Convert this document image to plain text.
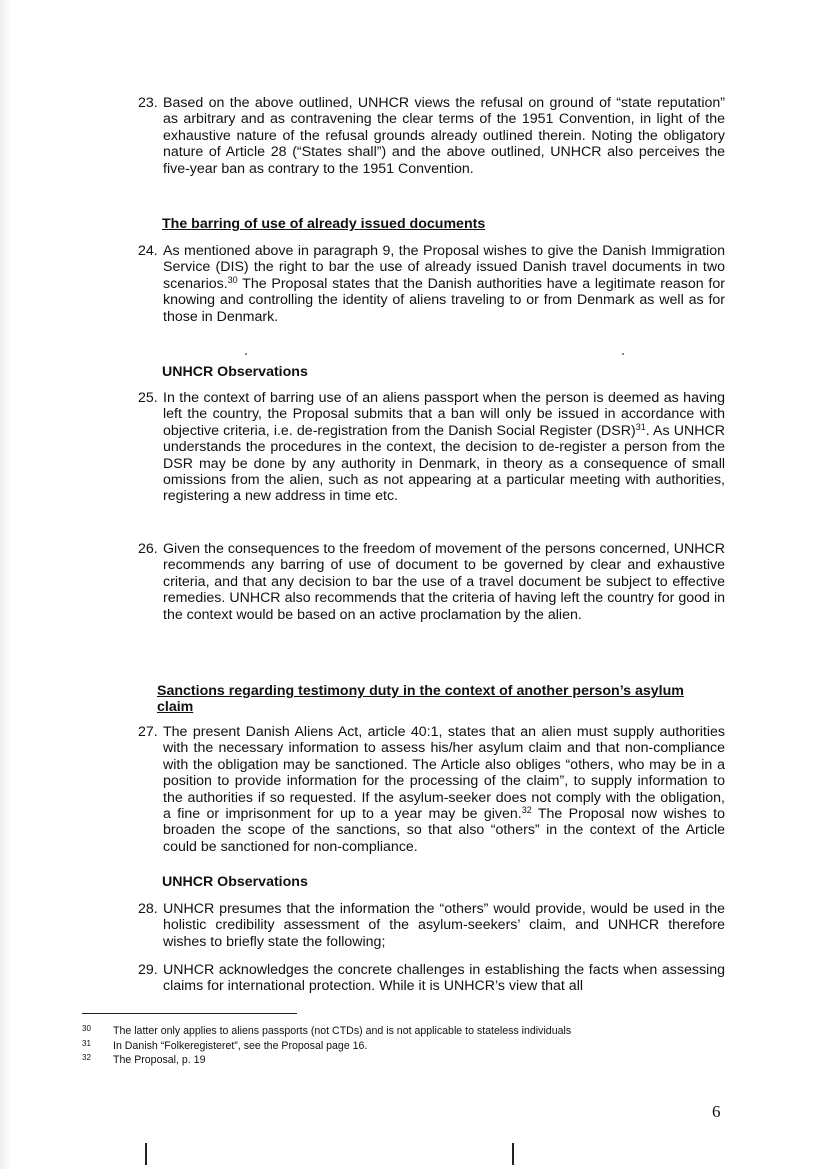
23. Based on the above outlined, UNHCR views the refusal on ground of “state reputation” as arbitrary and as contravening the clear terms of the 1951 Convention, in light of the exhaustive nature of the refusal grounds already outlined therein. Noting the obligatory nature of Article 28 (“States shall”) and the above outlined, UNHCR also perceives the five-year ban as contrary to the 1951 Convention.
The barring of use of already issued documents
24. As mentioned above in paragraph 9, the Proposal wishes to give the Danish Immigration Service (DIS) the right to bar the use of already issued Danish travel documents in two scenarios.$^{30}$ The Proposal states that the Danish authorities have a legitimate reason for knowing and controlling the identity of aliens traveling to or from Denmark as well as for those in Denmark.
UNHCR Observations
25. In the context of barring use of an aliens passport when the person is deemed as having left the country, the Proposal submits that a ban will only be issued in accordance with objective criteria, i.e. de-registration from the Danish Social Register (DSR)$^{31}$. As UNHCR understands the procedures in the context, the decision to de-register a person from the DSR may be done by any authority in Denmark, in theory as a consequence of small omissions from the alien, such as not appearing at a particular meeting with authorities, registering a new address in time etc.
26. Given the consequences to the freedom of movement of the persons concerned, UNHCR recommends any barring of use of document to be governed by clear and exhaustive criteria, and that any decision to bar the use of a travel document be subject to effective remedies. UNHCR also recommends that the criteria of having left the country for good in the context would be based on an active proclamation by the alien.
Sanctions regarding testimony duty in the context of another person’s asylum claim
27. The present Danish Aliens Act, article 40:1, states that an alien must supply authorities with the necessary information to assess his/her asylum claim and that non-compliance with the obligation may be sanctioned. The Article also obliges “others, who may be in a position to provide information for the processing of the claim”, to supply information to the authorities if so requested. If the asylum-seeker does not comply with the obligation, a fine or imprisonment for up to a year may be given.$^{32}$ The Proposal now wishes to broaden the scope of the sanctions, so that also “others” in the context of the Article could be sanctioned for non-compliance.
UNHCR Observations
28. UNHCR presumes that the information the “others” would provide, would be used in the holistic credibility assessment of the asylum-seekers’ claim, and UNHCR therefore wishes to briefly state the following;
29. UNHCR acknowledges the concrete challenges in establishing the facts when assessing claims for international protection. While it is UNHCR’s view that all
30 The latter only applies to aliens passports (not CTDs) and is not applicable to stateless individuals
31 In Danish “Folkeregisteret”, see the Proposal page 16.
32 The Proposal, p. 19
6
